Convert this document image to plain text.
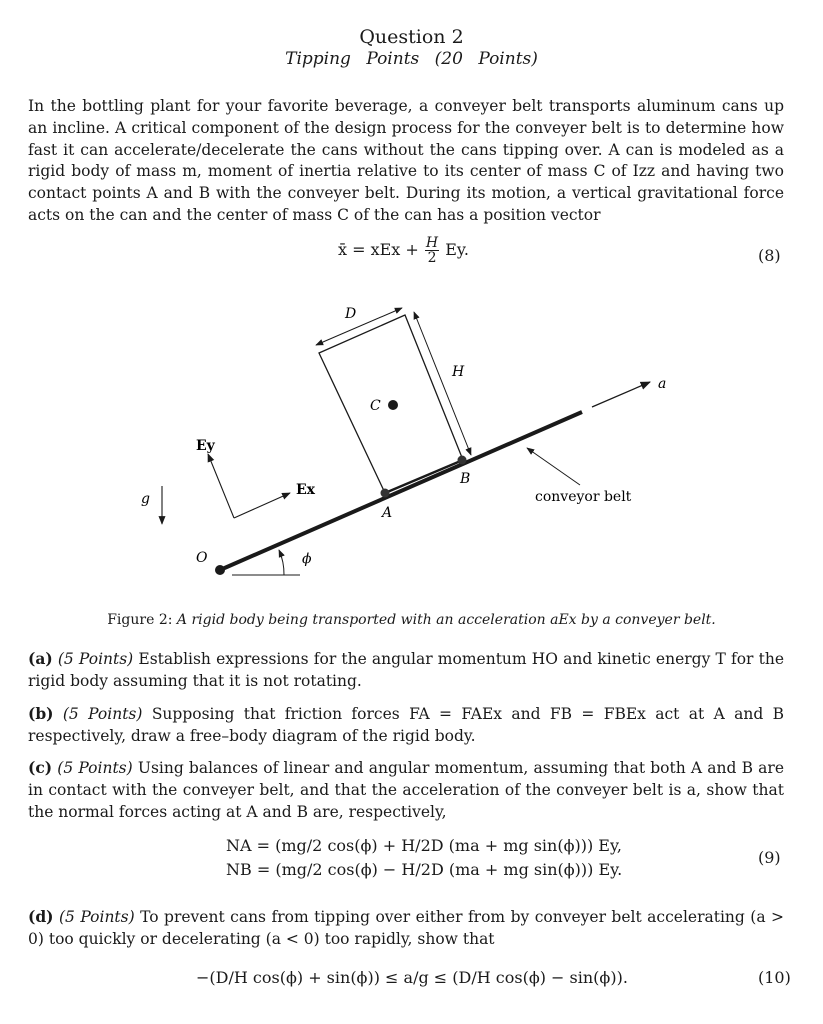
Question 2
Tipping Points (20 Points)
In the bottling plant for your favorite beverage, a conveyer belt transports aluminum cans up an incline. A critical component of the design process for the conveyer belt is to determine how fast it can accelerate/decelerate the cans without the cans tipping over. A can is modeled as a rigid body of mass m, moment of inertia relative to its center of mass C of Izz and having two contact points A and B with the conveyer belt. During its motion, a vertical gravitational force acts on the can and the center of mass C of the can has a position vector
x̄ = xEx + $\frac{H}{2} Ey$.	(8)
D
H
C
a
Ey
Ex
g
O	ϕ
A
B
conveyor belt
Figure 2: A rigid body being transported with an acceleration aEx by a conveyer belt.
(a) (5 Points) Establish expressions for the angular momentum HO and kinetic energy T for the rigid body assuming that it is not rotating.
(b) (5 Points) Supposing that friction forces FA = FAEx and FB = FBEx act at A and B respectively, draw a free–body diagram of the rigid body.
(c) (5 Points) Using balances of linear and angular momentum, assuming that both A and B are in contact with the conveyer belt, and that the acceleration of the conveyer belt is a, show that the normal forces acting at A and B are, respectively,
NA = (mg/2 cos(ϕ) + H/2D (ma + mg sin(ϕ))) Ey,
NB = (mg/2 cos(ϕ) − H/2D (ma + mg sin(ϕ))) Ey.
(9)
(d) (5 Points) To prevent cans from tipping over either from by conveyer belt accelerating (a > 0) too quickly or decelerating (a < 0) too rapidly, show that
−(D/H cos(ϕ) + sin(ϕ)) ≤ a/g ≤ (D/H cos(ϕ) − sin(ϕ)).	(10)
